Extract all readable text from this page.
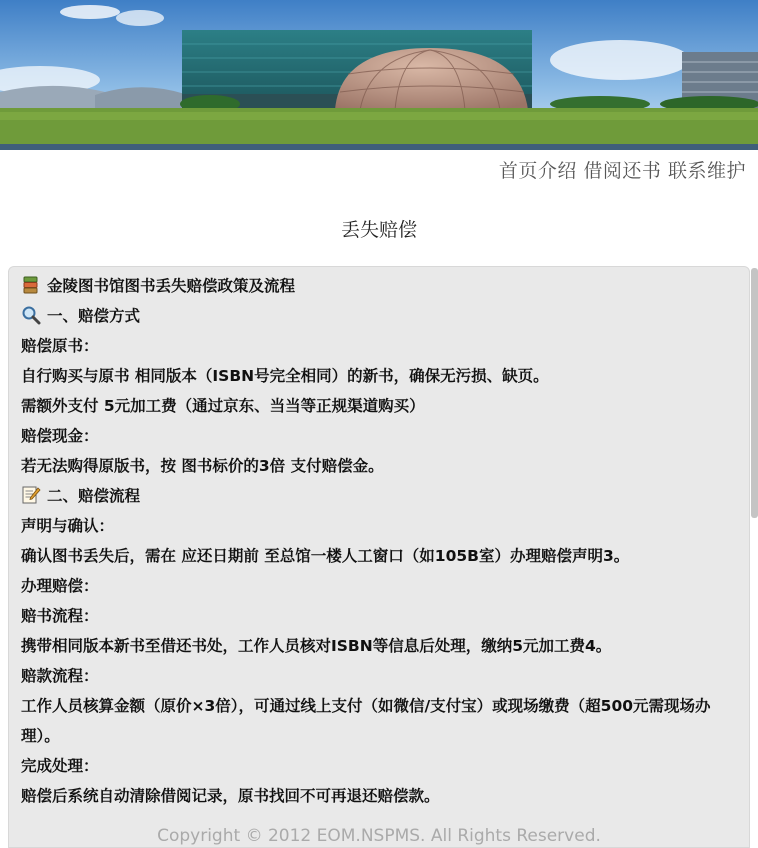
首页介绍 借阅还书 联系维护
丢失赔偿
金陵图书馆图书丢失赔偿政策及流程
一、赔偿方式
赔偿原书：
自行购买与原书 相同版本（ISBN号完全相同）的新书，确保无污损、缺页。
需额外支付 5元加工费（通过京东、当当等正规渠道购买）
赔偿现金：
若无法购得原版书，按 图书标价的3倍 支付赔偿金。
二、赔偿流程
声明与确认：
确认图书丢失后，需在 应还日期前 至总馆一楼人工窗口（如105B室）办理赔偿声明3。
办理赔偿：
赔书流程：
携带相同版本新书至借还书处，工作人员核对ISBN等信息后处理，缴纳5元加工费4。
赔款流程：
工作人员核算金额（原价×3倍），可通过线上支付（如微信/支付宝）或现场缴费（超500元需现场办理）。
完成处理：
赔偿后系统自动清除借阅记录，原书找回不可再退还赔偿款。
Copyright © 2012 EOM.NSPMS. All Rights Reserved.
